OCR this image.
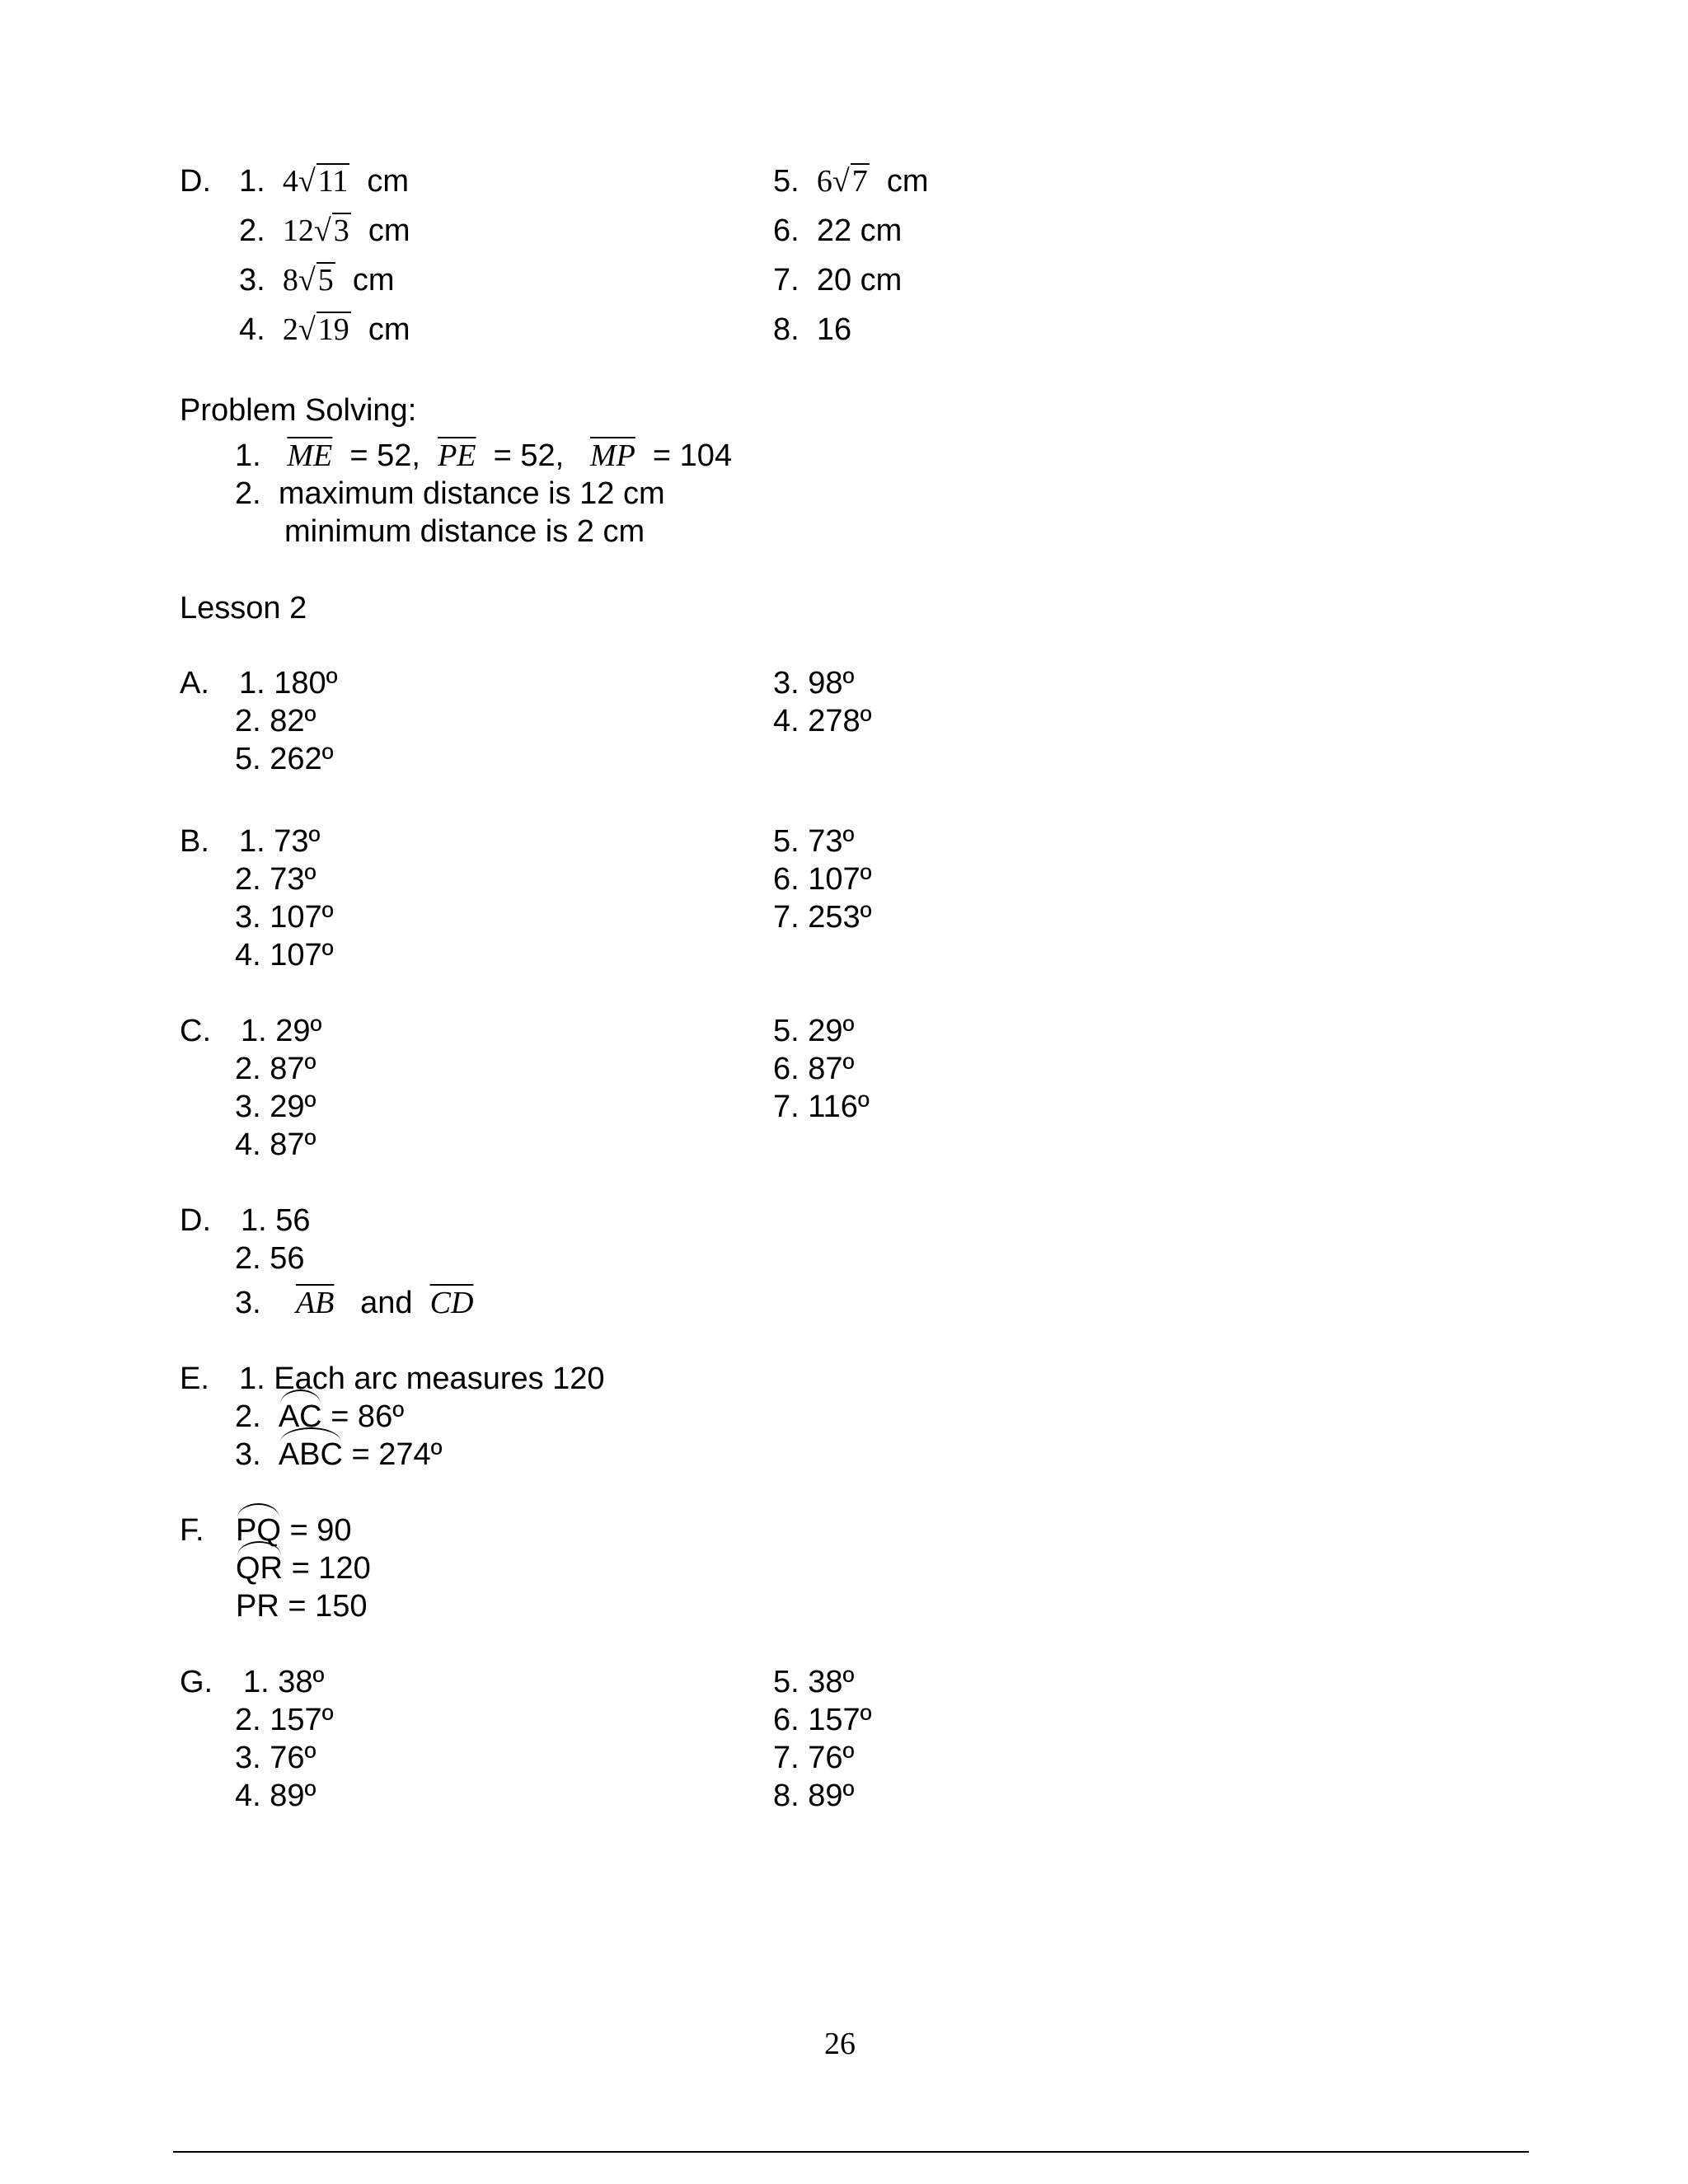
D. 1. 4√11 cm
2. 12√3 cm
3. 8√5 cm
4. 2√19 cm
5. 6√7 cm
6. 22 cm
7. 20 cm
8. 16
Problem Solving:
1. $\overline{ME} = 52$, $\overline{PE} = 52$, $\overline{MP} = 104$
2. maximum distance is 12 cm
minimum distance is 2 cm
Lesson 2
A. 1. 180º
2. 82º
5. 262º
3. 98º
4. 278º
B. 1. 73º
2. 73º
3. 107º
4. 107º
5. 73º
6. 107º
7. 253º
C. 1. 29º
2. 87º
3. 29º
4. 87º
5. 29º
6. 87º
7. 116º
D. 1. 56
2. 56
3. $\overline{AB}$ and $\overline{CD}$
E. 1. Each arc measures 120
2. AC = 86º
3. ABC = 274º
F. PQ = 90
QR = 120
PR = 150
G. 1. 38º
2. 157º
3. 76º
4. 89º
5. 38º
6. 157º
7. 76º
8. 89º
26
